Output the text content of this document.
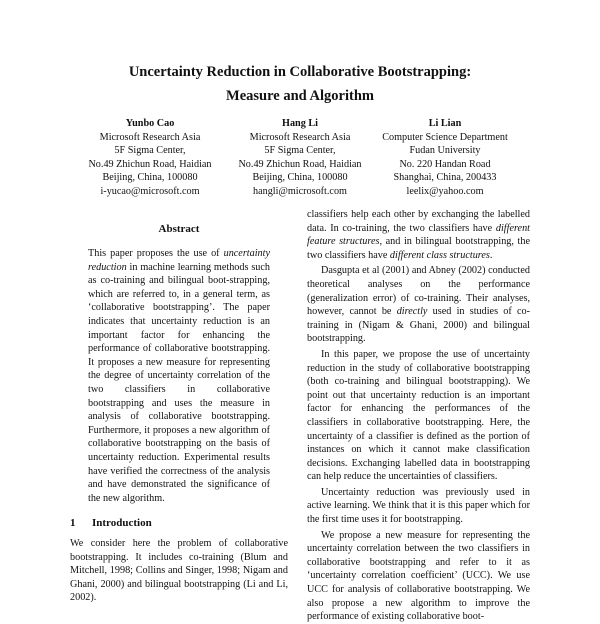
Uncertainty Reduction in Collaborative Bootstrapping:
Measure and Algorithm
Yunbo Cao
Microsoft Research Asia
5F Sigma Center,
No.49 Zhichun Road, Haidian
Beijing, China, 100080
i-yucao@microsoft.com
Hang Li
Microsoft Research Asia
5F Sigma Center,
No.49 Zhichun Road, Haidian
Beijing, China, 100080
hangli@microsoft.com
Li Lian
Computer Science Department
Fudan University
No. 220 Handan Road
Shanghai, China, 200433
leelix@yahoo.com
Abstract

This paper proposes the use of uncertainty reduction in machine learning methods such as co-training and bilingual boot-strapping, which are referred to, in a general term, as ‘collaborative bootstrapping’. The paper indicates that uncertainty reduction is an important factor for enhancing the performance of collaborative bootstrapping. It proposes a new measure for representing the degree of uncertainty correlation of the two classifiers in collaborative bootstrapping and uses the measure in analysis of collaborative bootstrapping. Furthermore, it proposes a new algorithm of collaborative bootstrapping on the basis of uncertainty reduction. Experimental results have verified the correctness of the analysis and have demonstrated the significance of the new algorithm.

1 Introduction

We consider here the problem of collaborative bootstrapping. It includes co-training (Blum and Mitchell, 1998; Collins and Singer, 1998; Nigam and Ghani, 2000) and bilingual bootstrapping (Li and Li, 2002).

classifiers help each other by exchanging the labelled data. In co-training, the two classifiers have different feature structures, and in bilingual bootstrapping, the two classifiers have different class structures.

Dasgupta et al (2001) and Abney (2002) conducted theoretical analyses on the performance (generalization error) of co-training. Their analyses, however, cannot be directly used in studies of co-training in (Nigam & Ghani, 2000) and bilingual bootstrapping.

In this paper, we propose the use of uncertainty reduction in the study of collaborative bootstrapping (both co-training and bilingual bootstrapping). We point out that uncertainty reduction is an important factor for enhancing the performances of the classifiers in collaborative bootstrapping. Here, the uncertainty of a classifier is defined as the portion of instances on which it cannot make classification decisions. Exchanging labelled data in bootstrapping can help reduce the uncertainties of classifiers.

Uncertainty reduction was previously used in active learning. We think that it is this paper which for the first time uses it for bootstrapping.

We propose a new measure for representing the uncertainty correlation between the two classifiers in collaborative bootstrapping and refer to it as ‘uncertainty correlation coefficient’ (UCC). We use UCC for analysis of collaborative bootstrapping. We also propose a new algorithm to improve the performance of existing collaborative boot-
